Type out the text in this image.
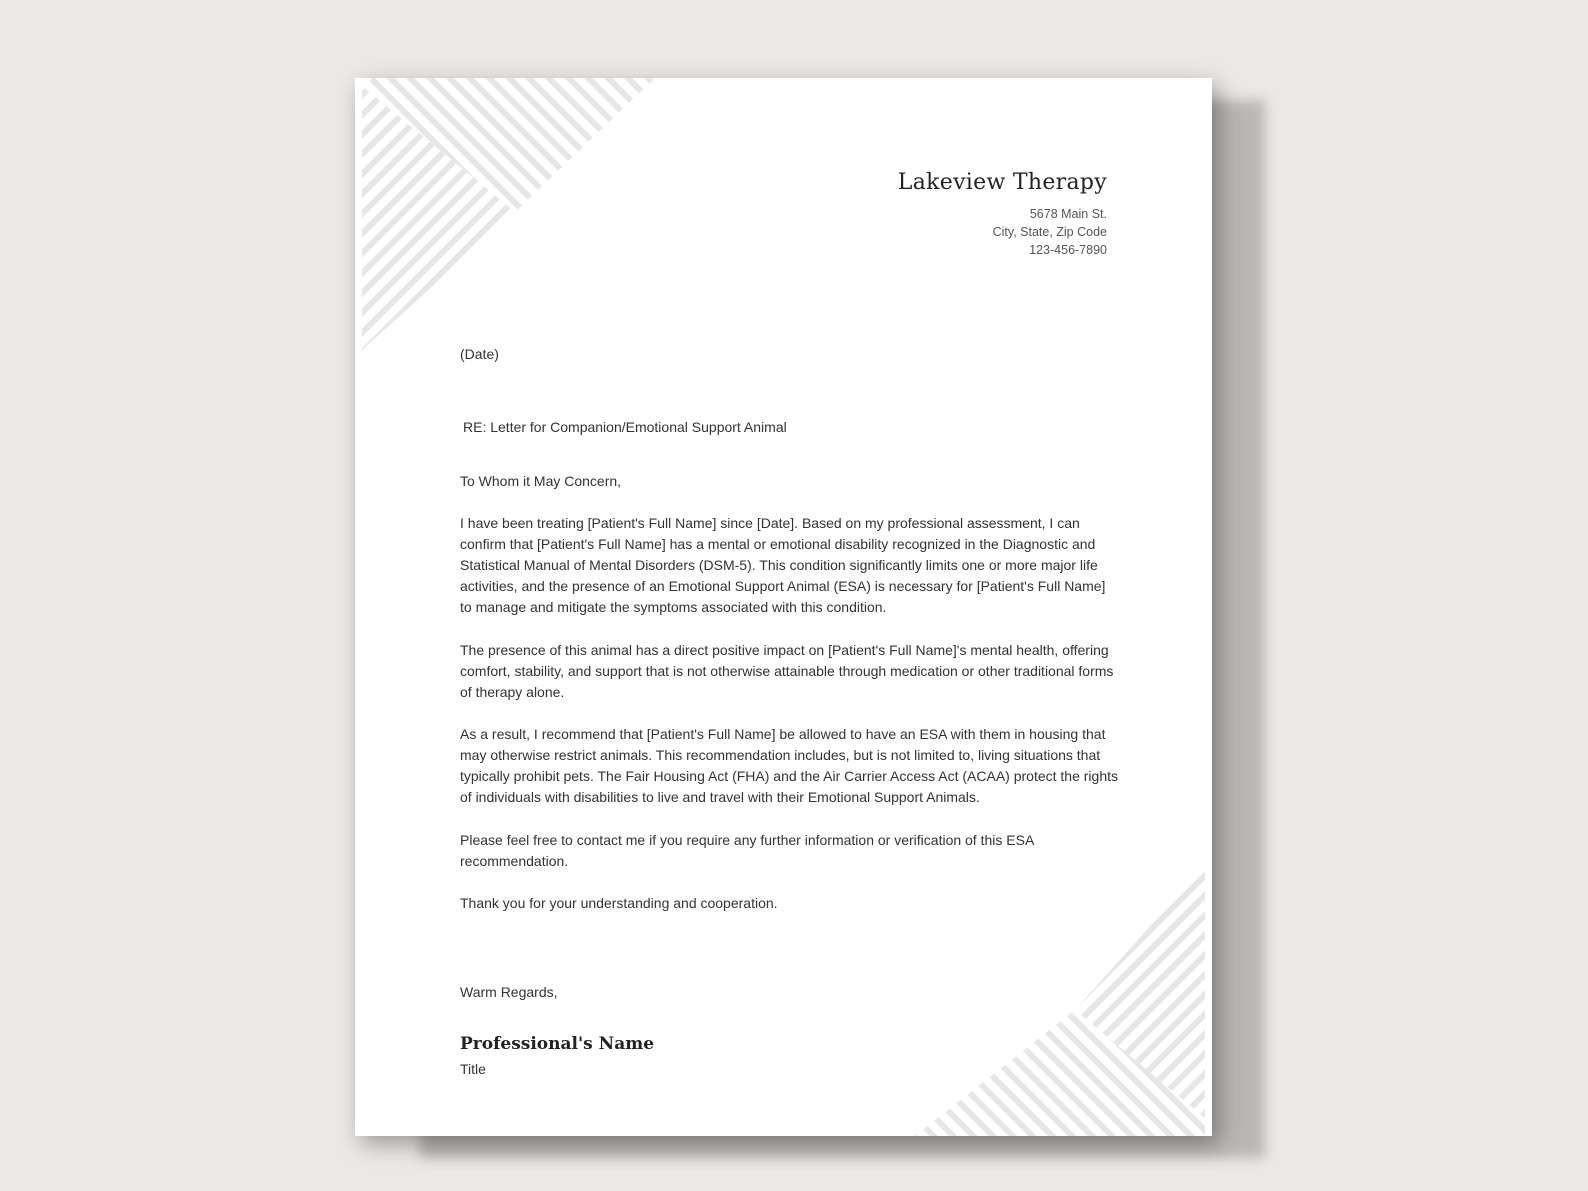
Lakeview Therapy
5678 Main St.
City, State, Zip Code
123-456-7890
(Date)
RE: Letter for Companion/Emotional Support Animal
To Whom it May Concern,

I have been treating [Patient's Full Name] since [Date]. Based on my professional assessment, I can confirm that [Patient's Full Name] has a mental or emotional disability recognized in the Diagnostic and Statistical Manual of Mental Disorders (DSM-5). This condition significantly limits one or more major life activities, and the presence of an Emotional Support Animal (ESA) is necessary for [Patient's Full Name] to manage and mitigate the symptoms associated with this condition.

The presence of this animal has a direct positive impact on [Patient's Full Name]'s mental health, offering comfort, stability, and support that is not otherwise attainable through medication or other traditional forms of therapy alone.

As a result, I recommend that [Patient's Full Name] be allowed to have an ESA with them in housing that may otherwise restrict animals. This recommendation includes, but is not limited to, living situations that typically prohibit pets. The Fair Housing Act (FHA) and the Air Carrier Access Act (ACAA) protect the rights of individuals with disabilities to live and travel with their Emotional Support Animals.

Please feel free to contact me if you require any further information or verification of this ESA recommendation.

Thank you for your understanding and cooperation.

Warm Regards,
Professional's Name
Title
